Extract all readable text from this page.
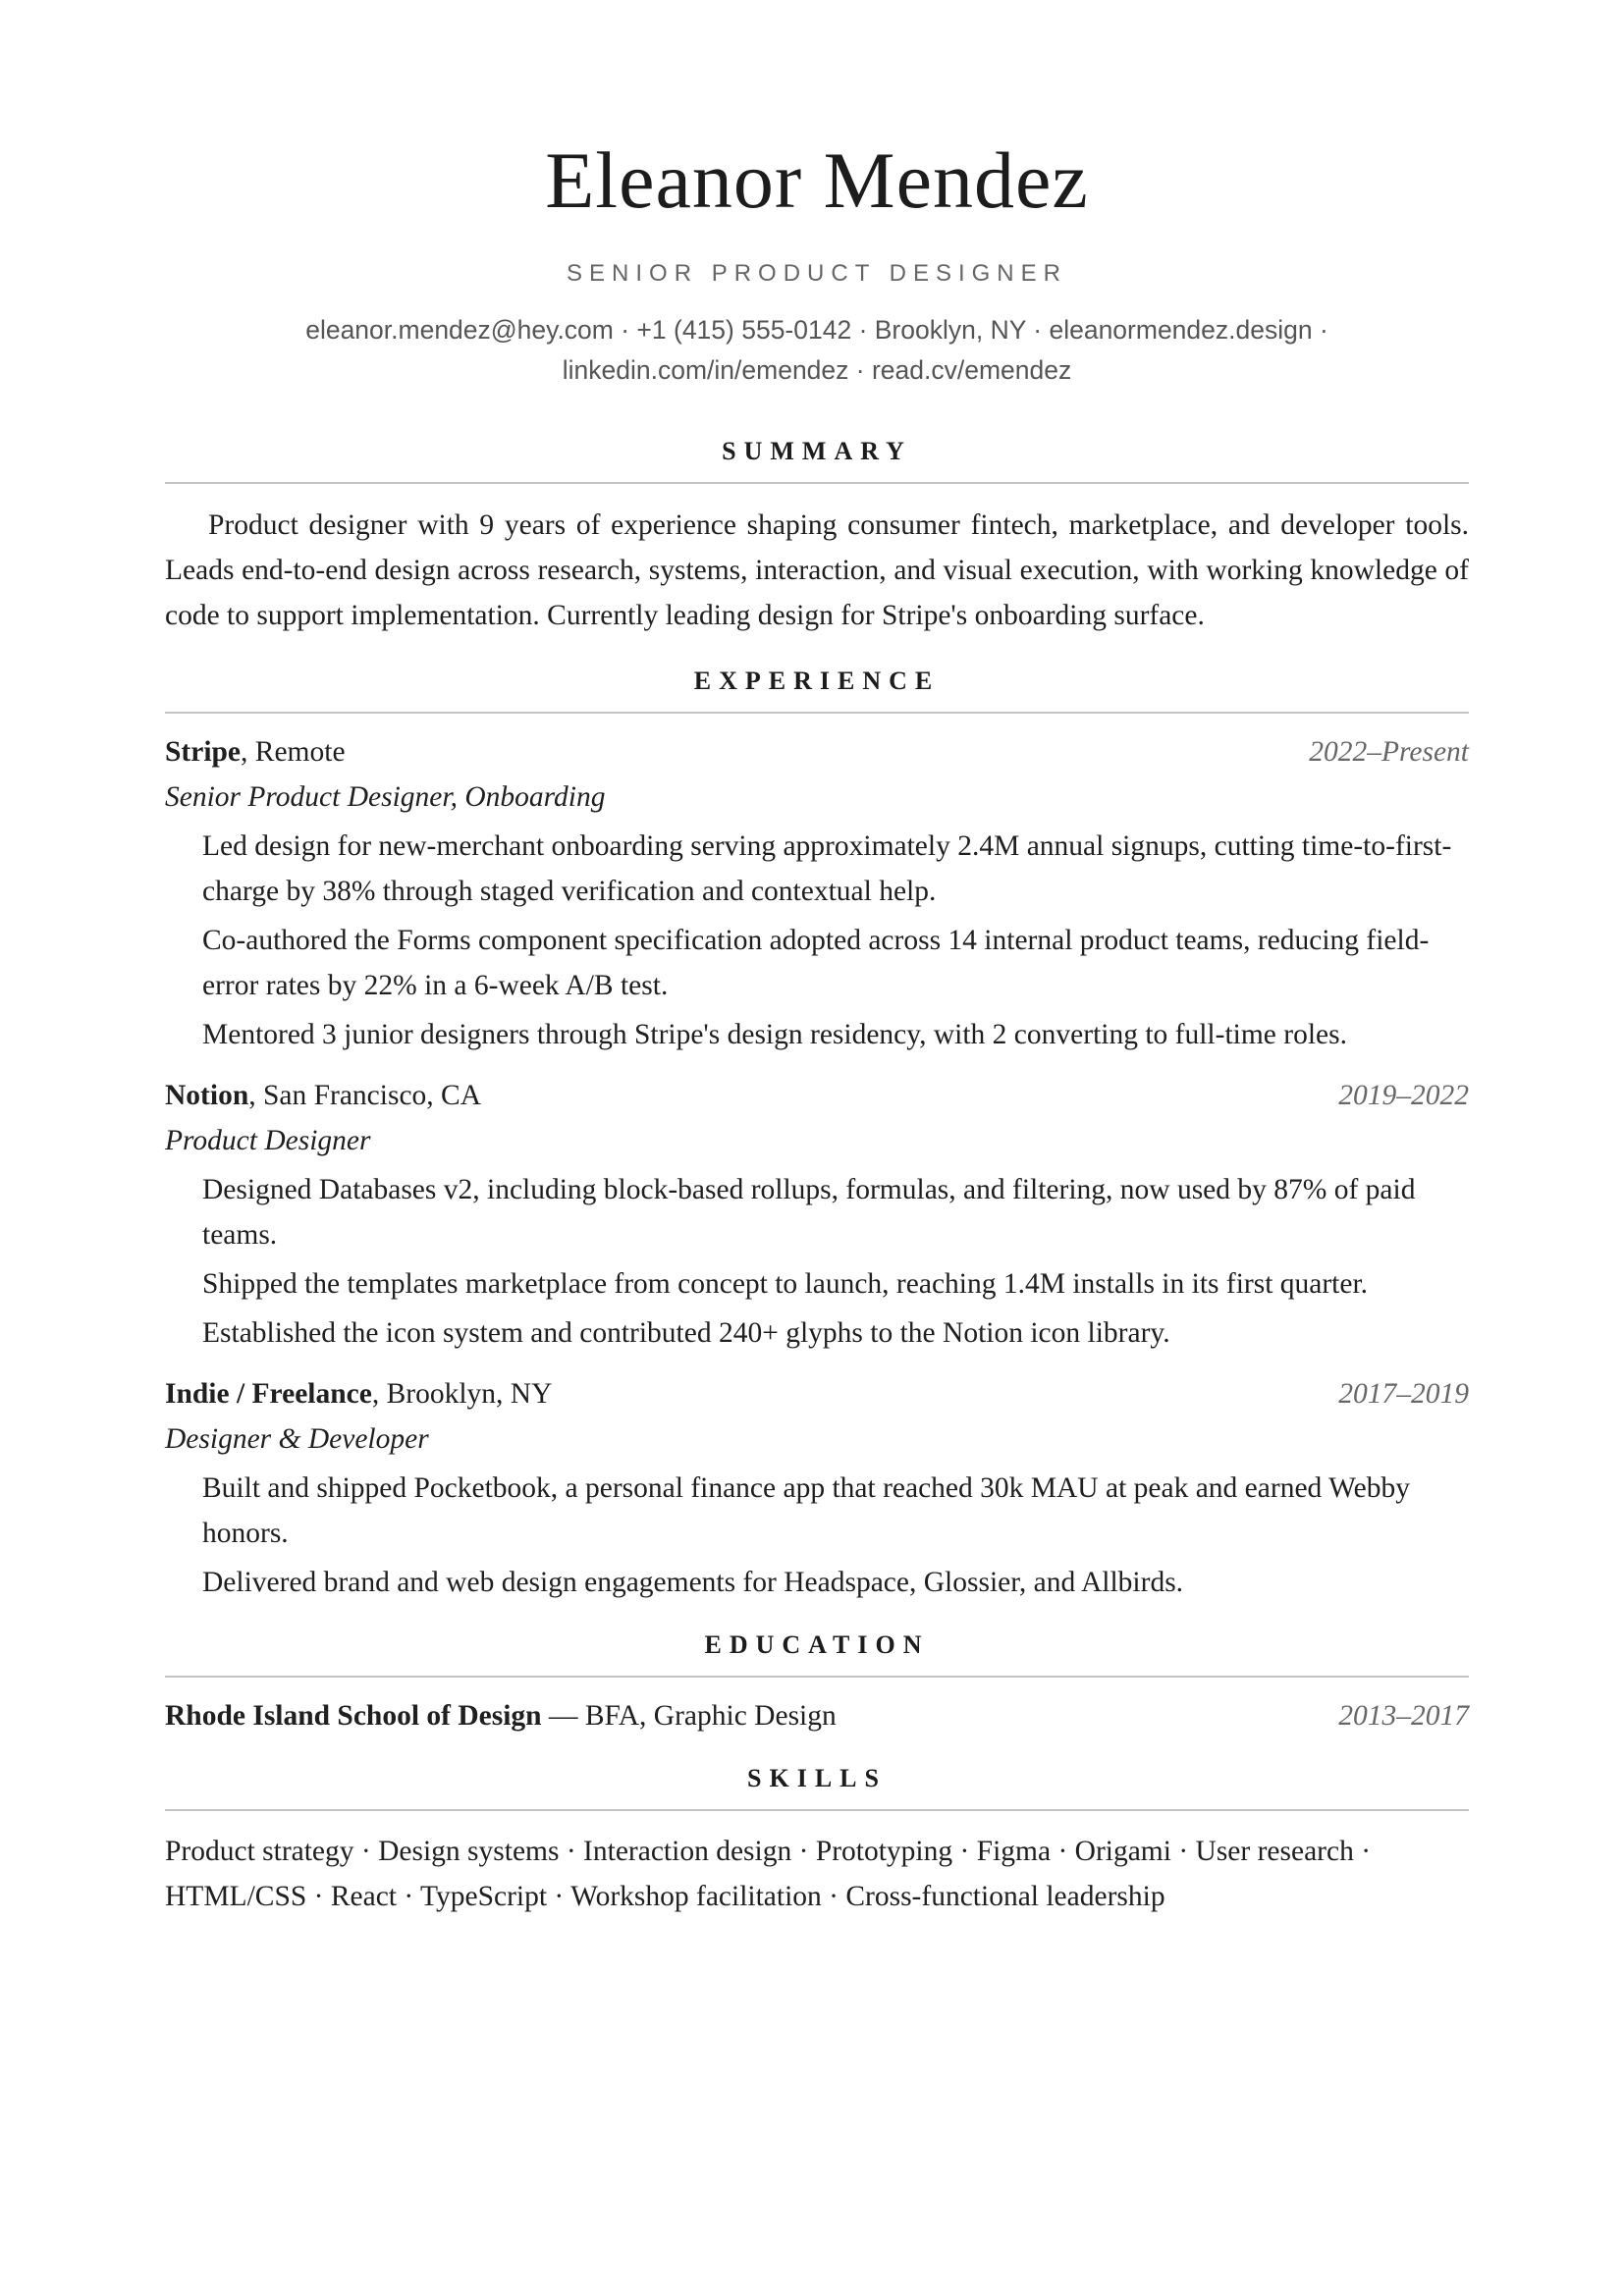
Eleanor Mendez
SENIOR PRODUCT DESIGNER
eleanor.mendez@hey.com · +1 (415) 555-0142 · Brooklyn, NY · eleanormendez.design ·
linkedin.com/in/emendez · read.cv/emendez
SUMMARY

Product designer with 9 years of experience shaping consumer fintech, marketplace, and developer tools. Leads end-to-end design across research, systems, interaction, and visual execution, with working knowledge of code to support implementation. Currently leading design for Stripe's onboarding surface.

EXPERIENCE
Stripe, Remote	2022–Present
Senior Product Designer, Onboarding
Led design for new-merchant onboarding serving approximately 2.4M annual signups, cutting time-to-first-charge by 38% through staged verification and contextual help.
Co-authored the Forms component specification adopted across 14 internal product teams, reducing field-error rates by 22% in a 6-week A/B test.
Mentored 3 junior designers through Stripe's design residency, with 2 converting to full-time roles.
Notion, San Francisco, CA	2019–2022
Product Designer
Designed Databases v2, including block-based rollups, formulas, and filtering, now used by 87% of paid teams.
Shipped the templates marketplace from concept to launch, reaching 1.4M installs in its first quarter.
Established the icon system and contributed 240+ glyphs to the Notion icon library.
Indie / Freelance, Brooklyn, NY	2017–2019
Designer & Developer
Built and shipped Pocketbook, a personal finance app that reached 30k MAU at peak and earned Webby honors.
Delivered brand and web design engagements for Headspace, Glossier, and Allbirds.
EDUCATION
Rhode Island School of Design — BFA, Graphic Design	2013–2017
SKILLS
Product strategy · Design systems · Interaction design · Prototyping · Figma · Origami · User research ·
HTML/CSS · React · TypeScript · Workshop facilitation · Cross-functional leadership
